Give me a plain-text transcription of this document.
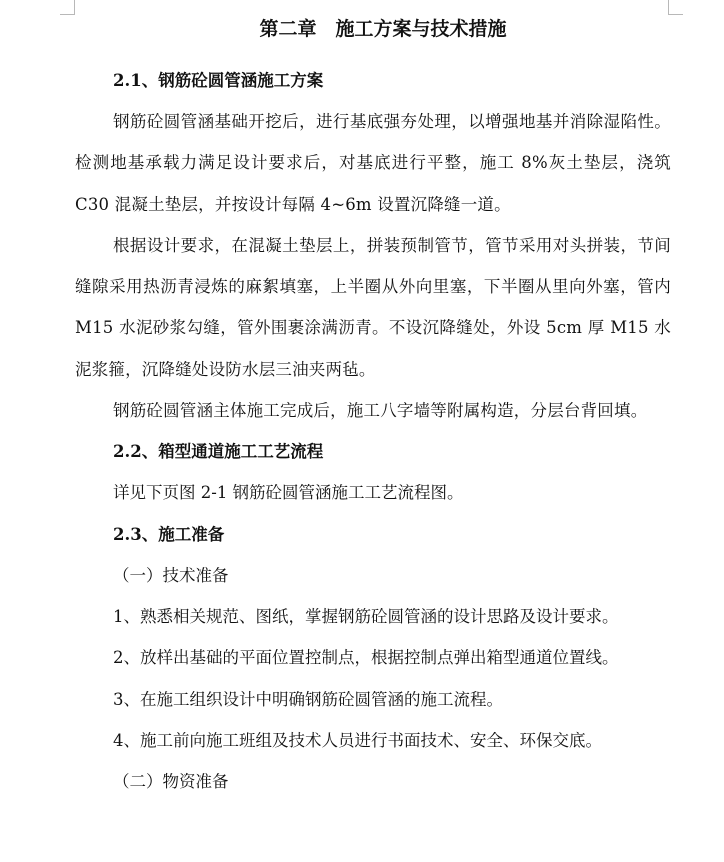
第二章　施工方案与技术措施
2.1、钢筋砼圆管涵施工方案

钢筋砼圆管涵基础开挖后，进行基底强夯处理，以增强地基并消除湿陷性。检测地基承载力满足设计要求后，对基底进行平整，施工 8%灰土垫层，浇筑 C30 混凝土垫层，并按设计每隔 4~6m 设置沉降缝一道。

根据设计要求，在混凝土垫层上，拼装预制管节，管节采用对头拼装，节间缝隙采用热沥青浸炼的麻絮填塞，上半圈从外向里塞，下半圈从里向外塞，管内 M15 水泥砂浆勾缝，管外围裹涂满沥青。不设沉降缝处，外设 5cm 厚 M15 水泥浆箍，沉降缝处设防水层三油夹两毡。

钢筋砼圆管涵主体施工完成后，施工八字墙等附属构造，分层台背回填。

2.2、箱型通道施工工艺流程

详见下页图 2-1 钢筋砼圆管涵施工工艺流程图。

2.3、施工准备

（一）技术准备

1、熟悉相关规范、图纸，掌握钢筋砼圆管涵的设计思路及设计要求。

2、放样出基础的平面位置控制点，根据控制点弹出箱型通道位置线。

3、在施工组织设计中明确钢筋砼圆管涵的施工流程。

4、施工前向施工班组及技术人员进行书面技术、安全、环保交底。

（二）物资准备
